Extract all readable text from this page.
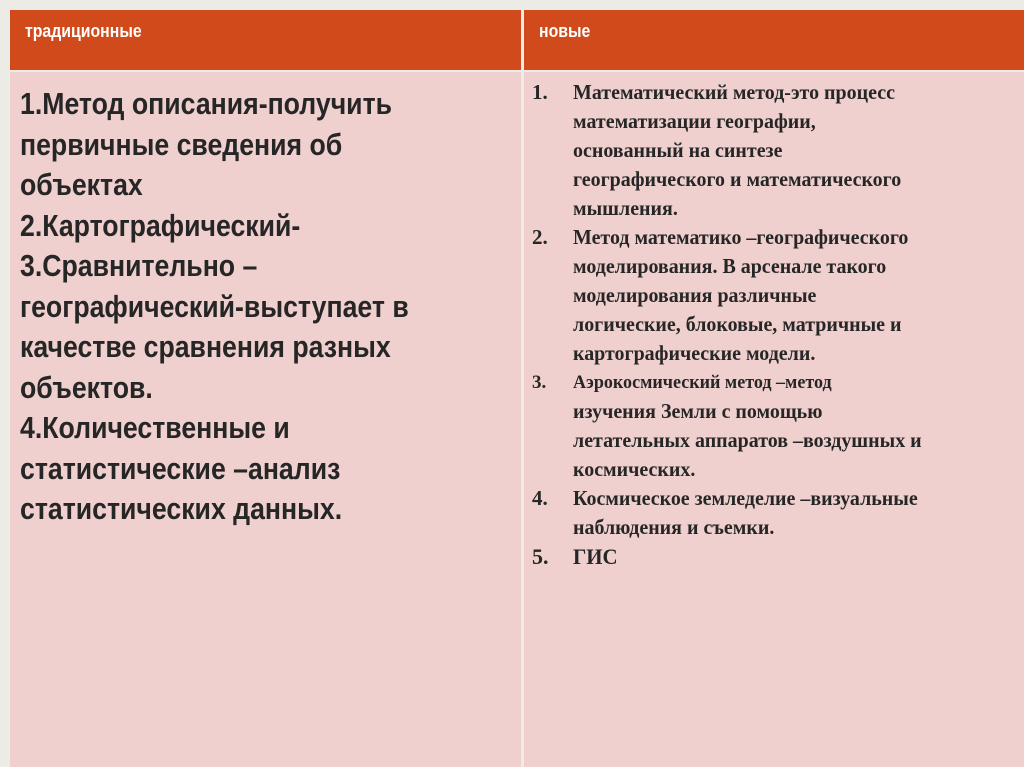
традиционные	новые
1.Метод описания-получить
первичные сведения об
объектах
2.Картографический-
3.Сравнительно –
географический-выступает в
качестве сравнения разных
объектов.
4.Количественные и
статистические –анализ
статистических данных.
1. Математический метод-это процесс
математизации географии,
основанный на синтезе
географического и математического
мышления.
2. Метод математико –географического
моделирования. В арсенале такого
моделирования различные
логические, блоковые, матричные и
картографические модели.
3. Аэрокосмический метод –метод
изучения Земли с помощью
летательных аппаратов –воздушных и
космических.
4. Космическое земледелие –визуальные
наблюдения и съемки.
5. ГИС
